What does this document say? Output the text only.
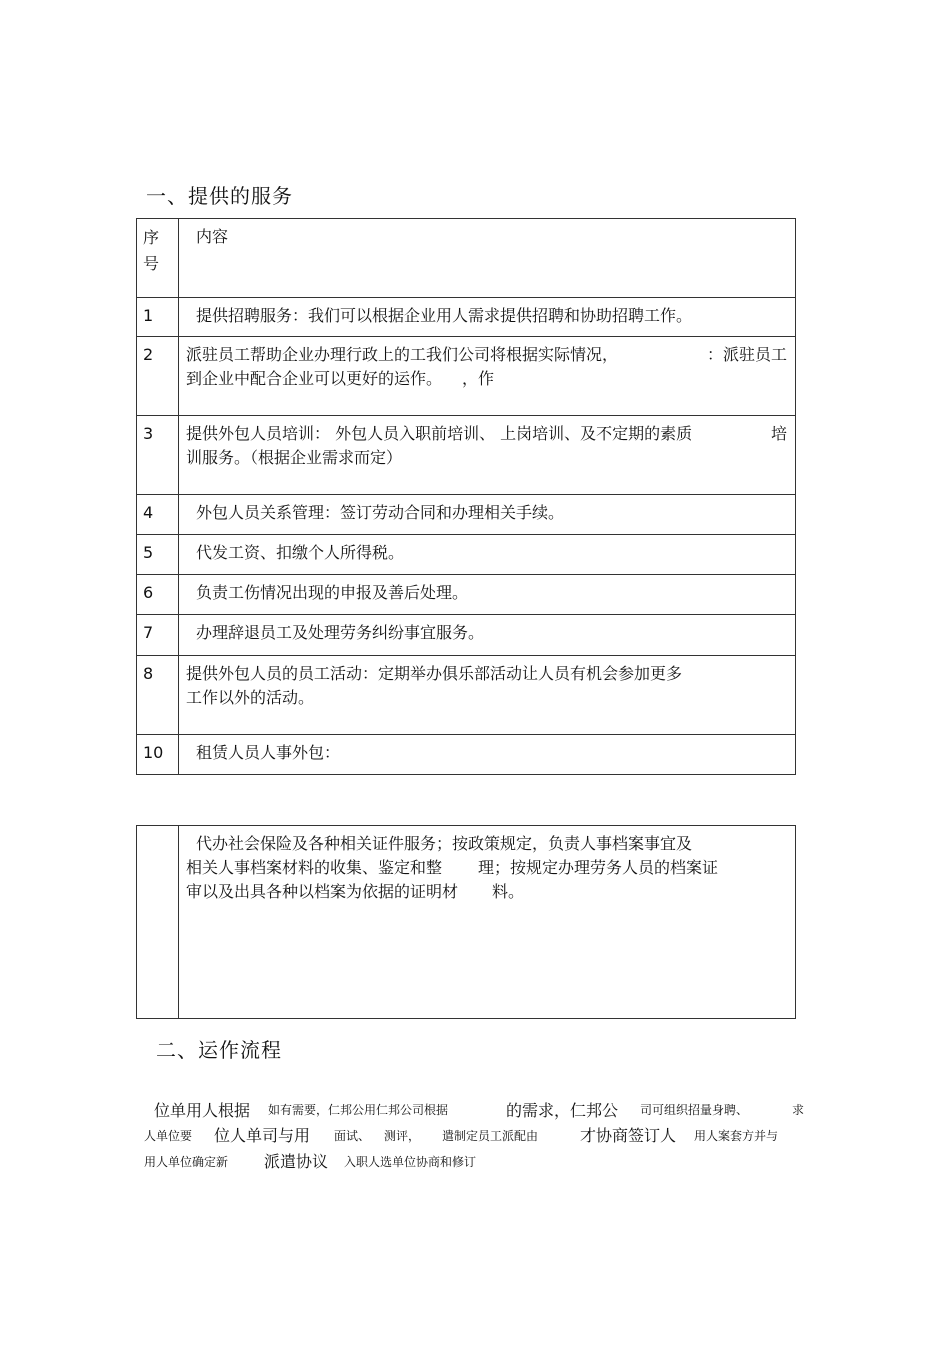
一、提供的服务
序号	内容
1	提供招聘服务：我们可以根据企业用人需求提供招聘和协助招聘工作。
2	派驻员工帮助企业办理行政上的工我们公司将根据实际情况， ：派驻员工
到企业中配合企业可以更好的运作。 ，作

3	提供外包人员培训： 外包人员入职前培训、 上岗培训、及不定期的素质 培
训服务。（根据企业需求而定）

4	外包人员关系管理：签订劳动合同和办理相关手续。
5	代发工资、扣缴个人所得税。
6	负责工伤情况出现的申报及善后处理。
7	办理辞退员工及处理劳务纠纷事宜服务。
8	提供外包人员的员工活动：定期举办俱乐部活动让人员有机会参加更多
工作以外的活动。

10	租赁人员人事外包：

代办社会保险及各种相关证件服务；按政策规定，负责人事档案事宜及
相关人事档案材料的收集、鉴定和整 理；按规定办理劳务人员的档案证
审以及出具各种以档案为依据的证明材 料。
二、运作流程
位单用人根据 如有需要，仁邦公用仁邦公司根据	的需求，仁邦公 司可组织招量身聘、	求
人单位要 位人单司与用 面试、 测评， 遣制定员工派配由	才协商签订人 用人案套方并与
用人单位确定新 派遣协议 入职人选单位协商和修订
